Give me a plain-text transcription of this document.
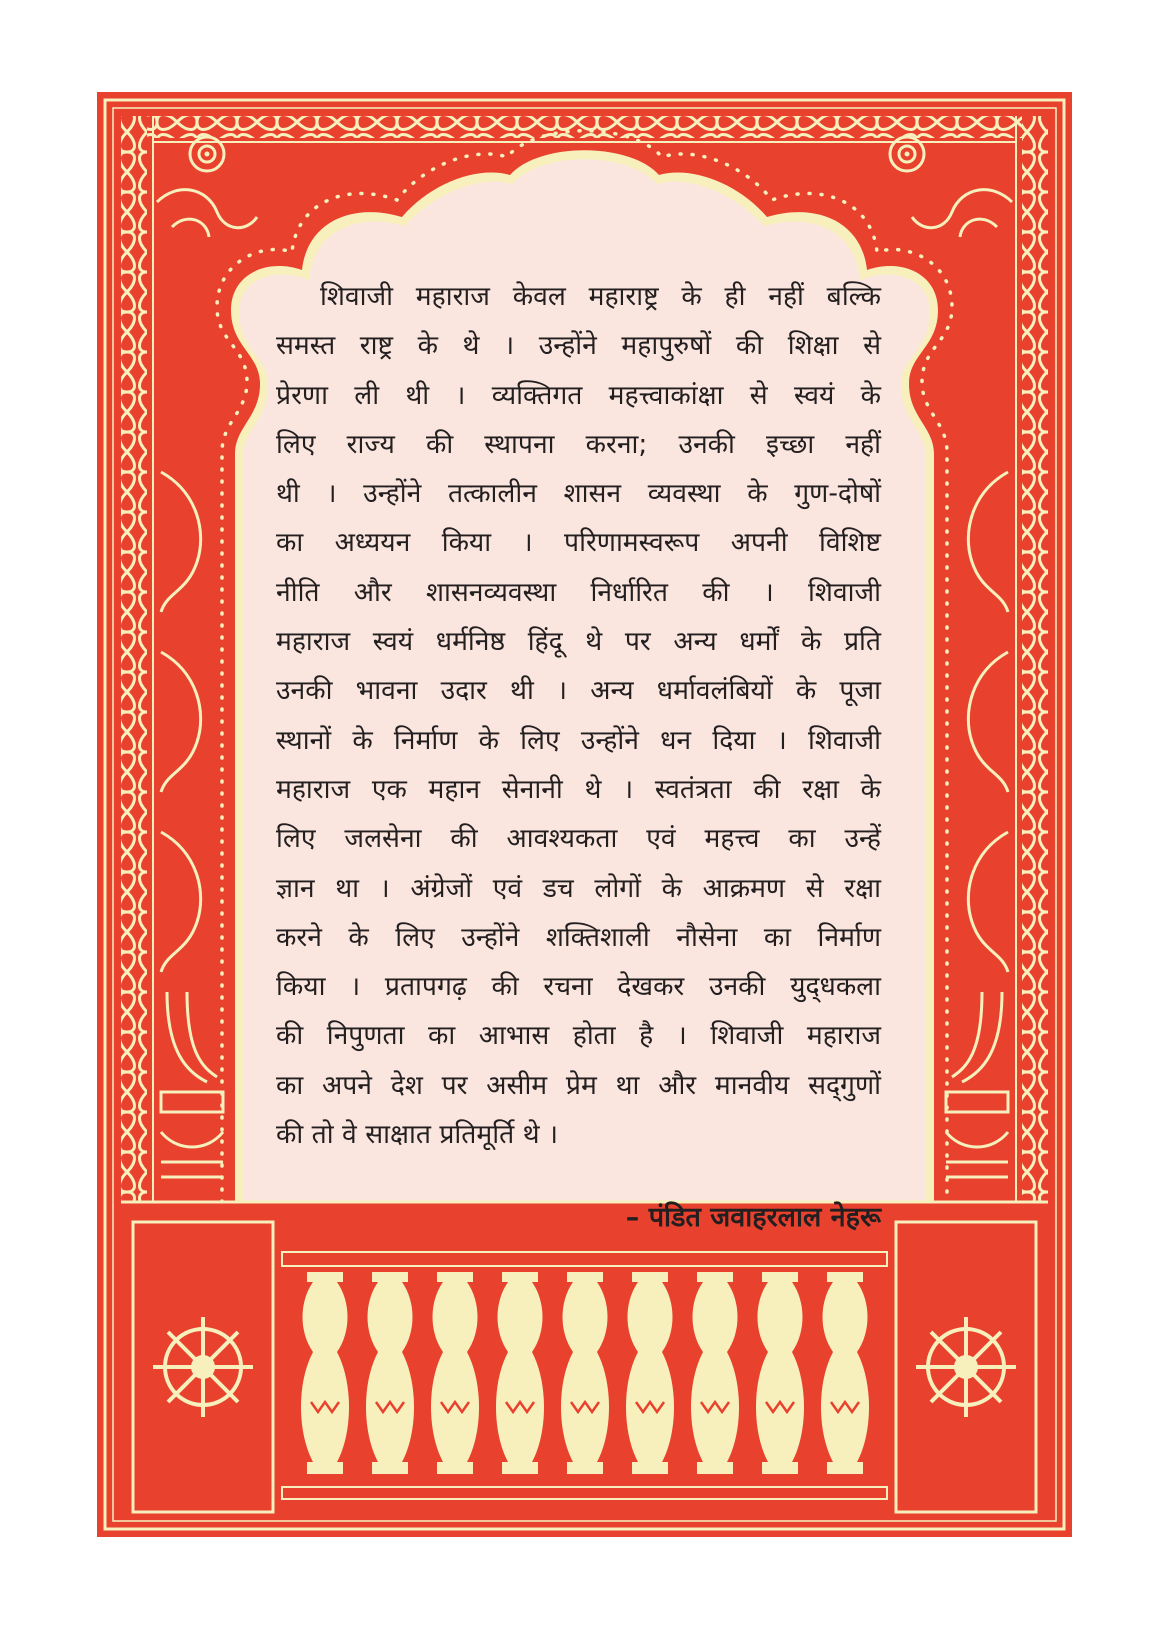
शिवाजी महाराज केवल महाराष्ट्र के ही नहीं बल्कि
समस्त राष्ट्र के थे । उन्होंने महापुरुषों की शिक्षा से
प्रेरणा ली थी । व्यक्तिगत महत्त्वाकांक्षा से स्वयं के
लिए राज्य की स्थापना करना; उनकी इच्छा नहीं
थी । उन्होंने तत्कालीन शासन व्यवस्था के गुण-दोषों
का अध्ययन किया । परिणामस्वरूप अपनी विशिष्ट
नीति और शासनव्यवस्था निर्धारित की । शिवाजी
महाराज स्वयं धर्मनिष्ठ हिंदू थे पर अन्य धर्मों के प्रति
उनकी भावना उदार थी । अन्य धर्मावलंबियों के पूजा
स्थानों के निर्माण के लिए उन्होंने धन दिया । शिवाजी
महाराज एक महान सेनानी थे । स्वतंत्रता की रक्षा के
लिए जलसेना की आवश्यकता एवं महत्त्व का उन्हें
ज्ञान था । अंग्रेजों एवं डच लोगों के आक्रमण से रक्षा
करने के लिए उन्होंने शक्तिशाली नौसेना का निर्माण
किया । प्रतापगढ़ की रचना देखकर उनकी युद्‌धकला
की निपुणता का आभास होता है । शिवाजी महाराज
का अपने देश पर असीम प्रेम था और मानवीय सद्‌गुणों
की तो वे साक्षात प्रतिमूर्ति थे ।
– पंडित जवाहरलाल नेहरू
